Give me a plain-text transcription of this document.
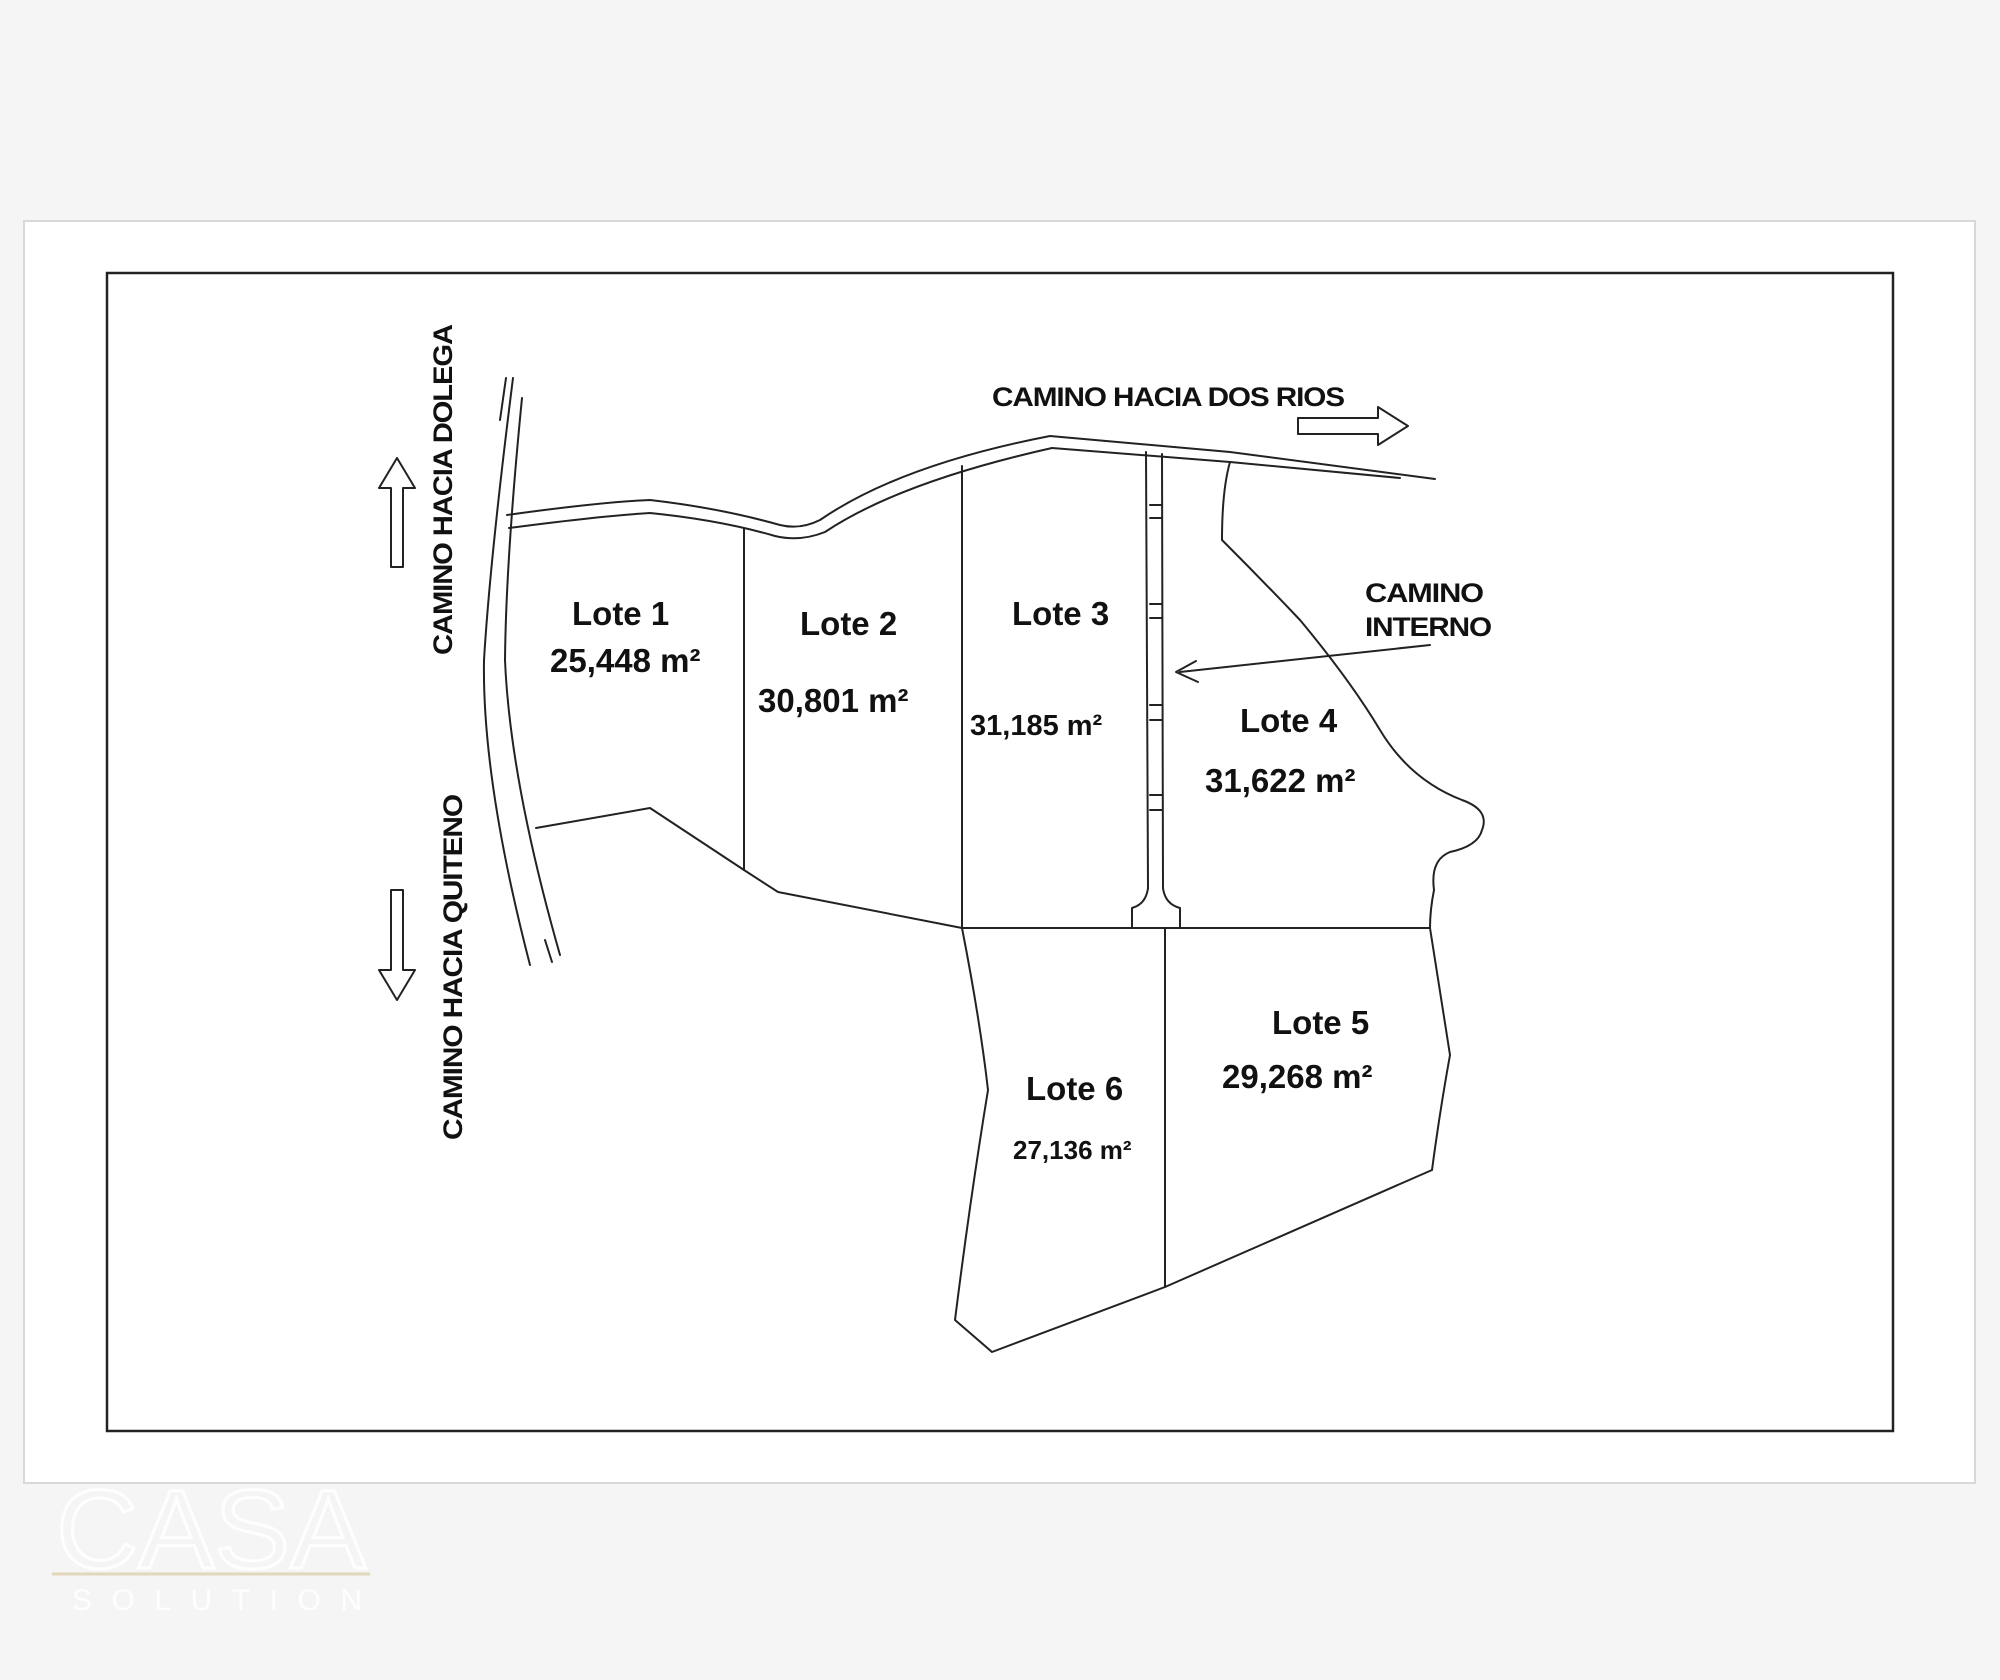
CAMINO HACIA DOLEGA
CAMINO HACIA QUITENO
CAMINO HACIA DOS RIOS
CAMINO
INTERNO
Lote 1
25,448 m²
Lote 2
30,801 m²
Lote 3
31,185 m²	Lote 4
31,622 m²
Lote 5
29,268 m²
Lote 6
27,136 m²
CASA
SOLUTION
